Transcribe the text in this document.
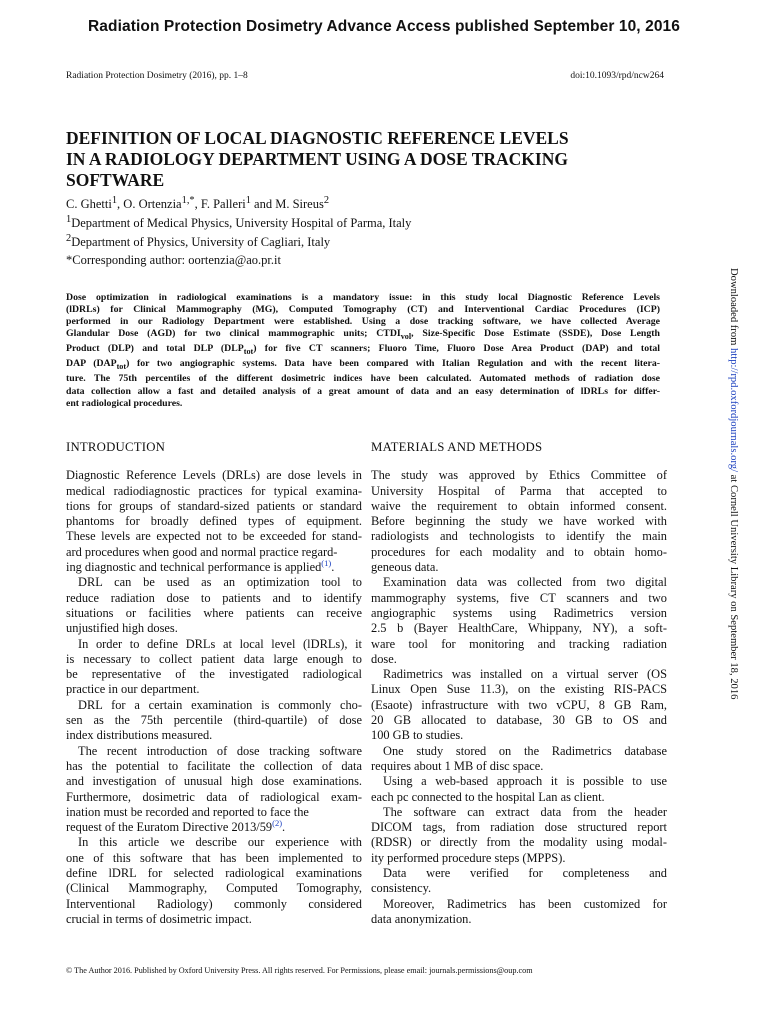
Radiation Protection Dosimetry Advance Access published September 10, 2016
Radiation Protection Dosimetry (2016), pp. 1–8	doi:10.1093/rpd/ncw264
DEFINITION OF LOCAL DIAGNOSTIC REFERENCE LEVELS
IN A RADIOLOGY DEPARTMENT USING A DOSE TRACKING
SOFTWARE
C. Ghetti$^1$, O. Ortenzia$^{1,*}$, F. Palleri$^1$ and M. Sireus$^2$
$^1$Department of Medical Physics, University Hospital of Parma, Italy
$^2$Department of Physics, University of Cagliari, Italy
*Corresponding author: oortenzia@ao.pr.it
Dose optimization in radiological examinations is a mandatory issue: in this study local Diagnostic Reference Levels
(lDRLs) for Clinical Mammography (MG), Computed Tomography (CT) and Interventional Cardiac Procedures (ICP)
performed in our Radiology Department were established. Using a dose tracking software, we have collected Average
Glandular Dose (AGD) for two clinical mammographic units; $CTDI_{vol}$, Size-Specific Dose Estimate (SSDE), Dose Length
Product (DLP) and total DLP $(DLP_{tot})$ for five CT scanners; Fluoro Time, Fluoro Dose Area Product (DAP) and total
DAP $(DAP_{tot})$ for two angiographic systems. Data have been compared with Italian Regulation and with the recent litera-
ture. The 75th percentiles of the different dosimetric indices have been calculated. Automated methods of radiation dose
data collection allow a fast and detailed analysis of a great amount of data and an easy determination of lDRLs for differ-
ent radiological procedures.
INTRODUCTION
Diagnostic Reference Levels (DRLs) are dose levels in
medical radiodiagnostic practices for typical examina-
tions for groups of standard-sized patients or standard
phantoms for broadly defined types of equipment.
These levels are expected not to be exceeded for stand-
ard procedures when good and normal practice regard-
ing diagnostic and technical performance is applied$^{(1)}$.
DRL can be used as an optimization tool to
reduce radiation dose to patients and to identify
situations or facilities where patients can receive
unjustified high doses.
In order to define DRLs at local level (lDRLs), it
is necessary to collect patient data large enough to
be representative of the investigated radiological
practice in our department.
DRL for a certain examination is commonly cho-
sen as the 75th percentile (third-quartile) of dose
index distributions measured.
The recent introduction of dose tracking software
has the potential to facilitate the collection of data
and investigation of unusual high dose examinations.
Furthermore, dosimetric data of radiological exam-
ination must be recorded and reported to face the
request of the Euratom Directive 2013/59$^{(2)}$.
In this article we describe our experience with
one of this software that has been implemented to
define lDRL for selected radiological examinations
(Clinical Mammography, Computed Tomography,
Interventional Radiology) commonly considered
crucial in terms of dosimetric impact.
MATERIALS AND METHODS
The study was approved by Ethics Committee of
University Hospital of Parma that accepted to
waive the requirement to obtain informed consent.
Before beginning the study we have worked with
radiologists and technologists to identify the main
procedures for each modality and to obtain homo-
geneous data.
Examination data was collected from two digital
mammography systems, five CT scanners and two
angiographic systems using Radimetrics version
2.5 b (Bayer HealthCare, Whippany, NY), a soft-
ware tool for monitoring and tracking radiation
dose.
Radimetrics was installed on a virtual server (OS
Linux Open Suse 11.3), on the existing RIS-PACS
(Esaote) infrastructure with two vCPU, 8 GB Ram,
20 GB allocated to database, 30 GB to OS and
100 GB to studies.
One study stored on the Radimetrics database
requires about 1 MB of disc space.
Using a web-based approach it is possible to use
each pc connected to the hospital Lan as client.
The software can extract data from the header
DICOM tags, from radiation dose structured report
(RDSR) or directly from the modality using modal-
ity performed procedure steps (MPPS).
Data were verified for completeness and
consistency.
Moreover, Radimetrics has been customized for
data anonymization.
Downloaded from http://rpd.oxfordjournals.org/ at Cornell University Library on September 18, 2016
© The Author 2016. Published by Oxford University Press. All rights reserved. For Permissions, please email: journals.permissions@oup.com
